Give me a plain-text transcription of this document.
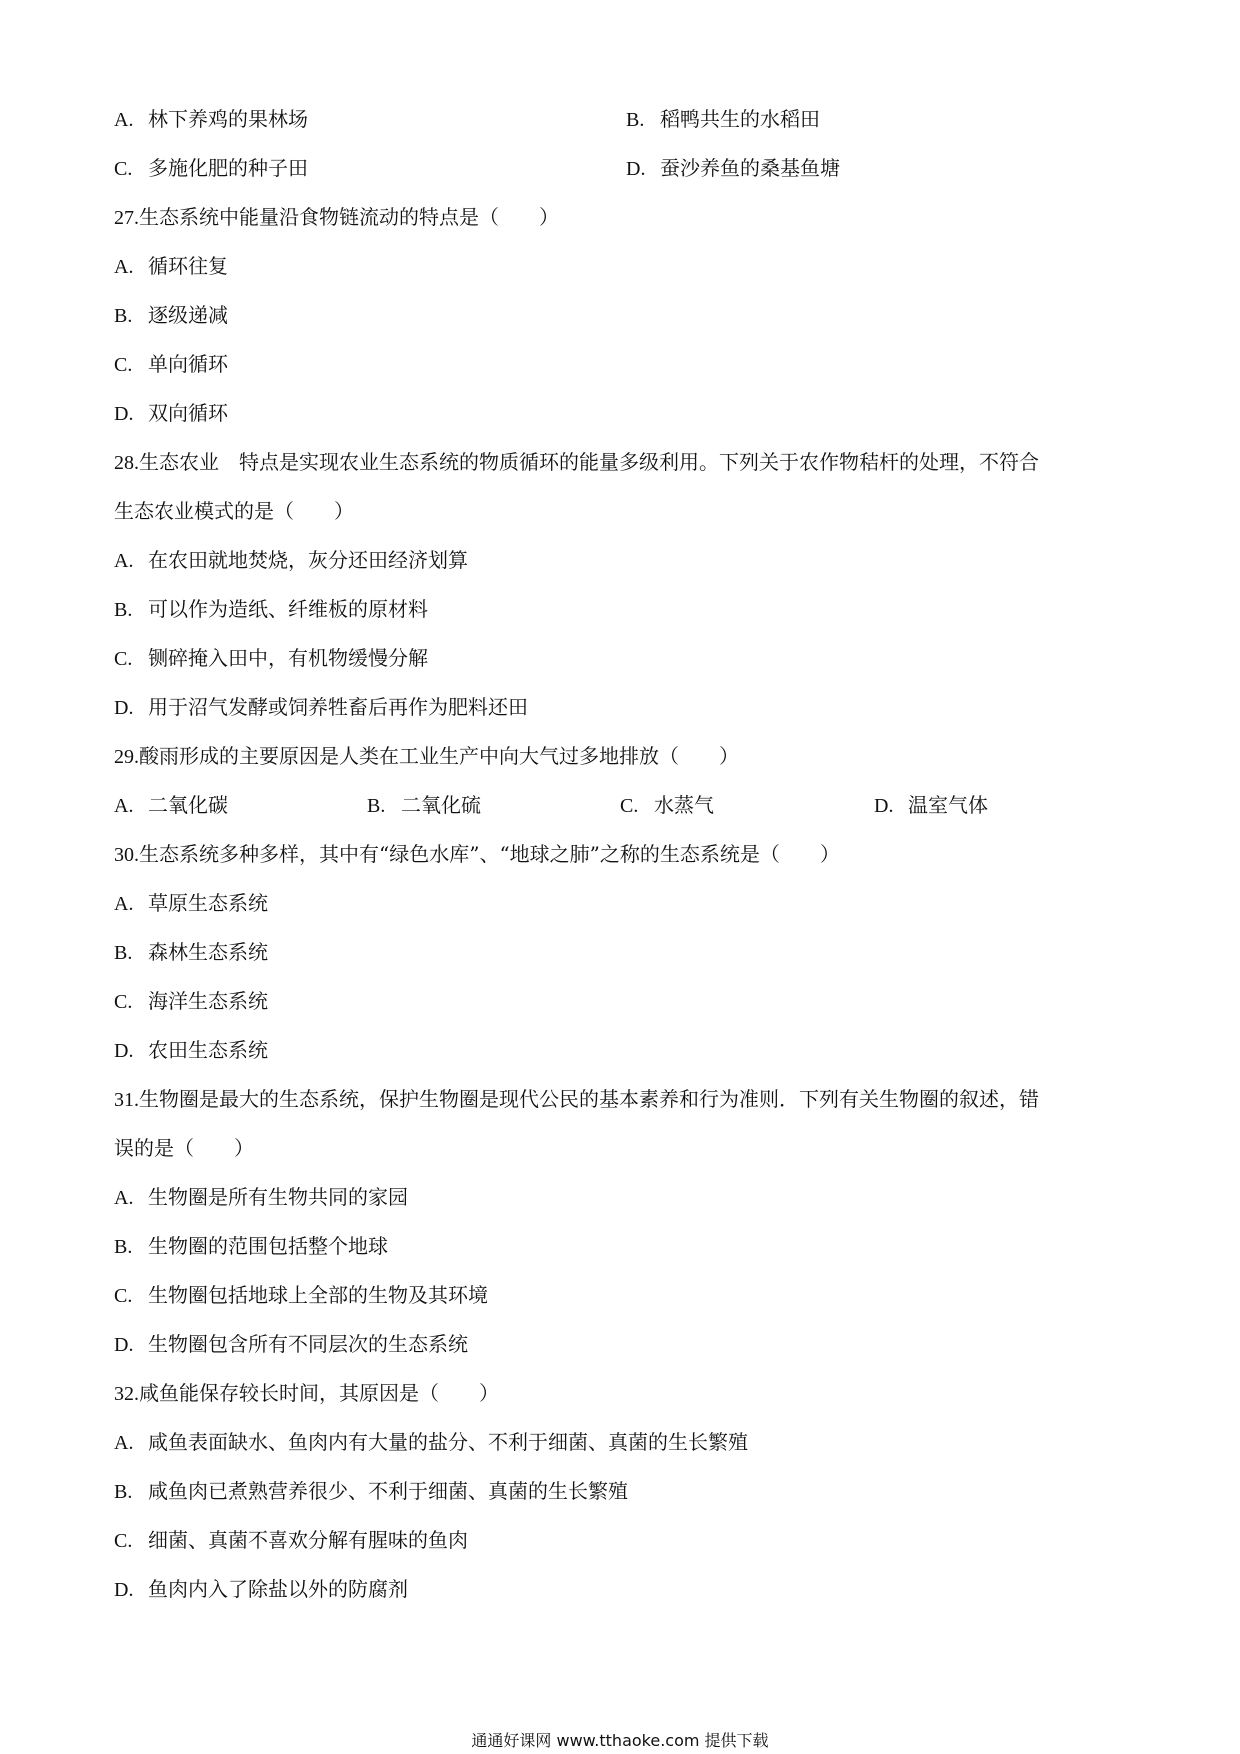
A. 林下养鸡的果林场	B. 稻鸭共生的水稻田
C. 多施化肥的种子田	D. 蚕沙养鱼的桑基鱼塘
27.生态系统中能量沿食物链流动的特点是（　　）
A. 循环往复
B. 逐级递减
C. 单向循环
D. 双向循环
28.生态农业　特点是实现农业生态系统的物质循环的能量多级利用。下列关于农作物秸杆的处理，不符合
生态农业模式的是（　　）
A. 在农田就地焚烧，灰分还田经济划算
B. 可以作为造纸、纤维板的原材料
C. 铡碎掩入田中，有机物缓慢分解
D. 用于沼气发酵或饲养牲畜后再作为肥料还田
29.酸雨形成的主要原因是人类在工业生产中向大气过多地排放（　　）
A. 二氧化碳	B. 二氧化硫	C. 水蒸气	D. 温室气体
30.生态系统多种多样，其中有“绿色水库”、“地球之肺”之称的生态系统是（　　）
A. 草原生态系统
B. 森林生态系统
C. 海洋生态系统
D. 农田生态系统
31.生物圈是最大的生态系统，保护生物圈是现代公民的基本素养和行为准则．下列有关生物圈的叙述，错
误的是（　　）
A. 生物圈是所有生物共同的家园
B. 生物圈的范围包括整个地球
C. 生物圈包括地球上全部的生物及其环境
D. 生物圈包含所有不同层次的生态系统
32.咸鱼能保存较长时间，其原因是（　　）
A. 咸鱼表面缺水、鱼肉内有大量的盐分、不利于细菌、真菌的生长繁殖
B. 咸鱼肉已煮熟营养很少、不利于细菌、真菌的生长繁殖
C. 细菌、真菌不喜欢分解有腥味的鱼肉
D. 鱼肉内入了除盐以外的防腐剂
通通好课网 www.tthaoke.com 提供下载
